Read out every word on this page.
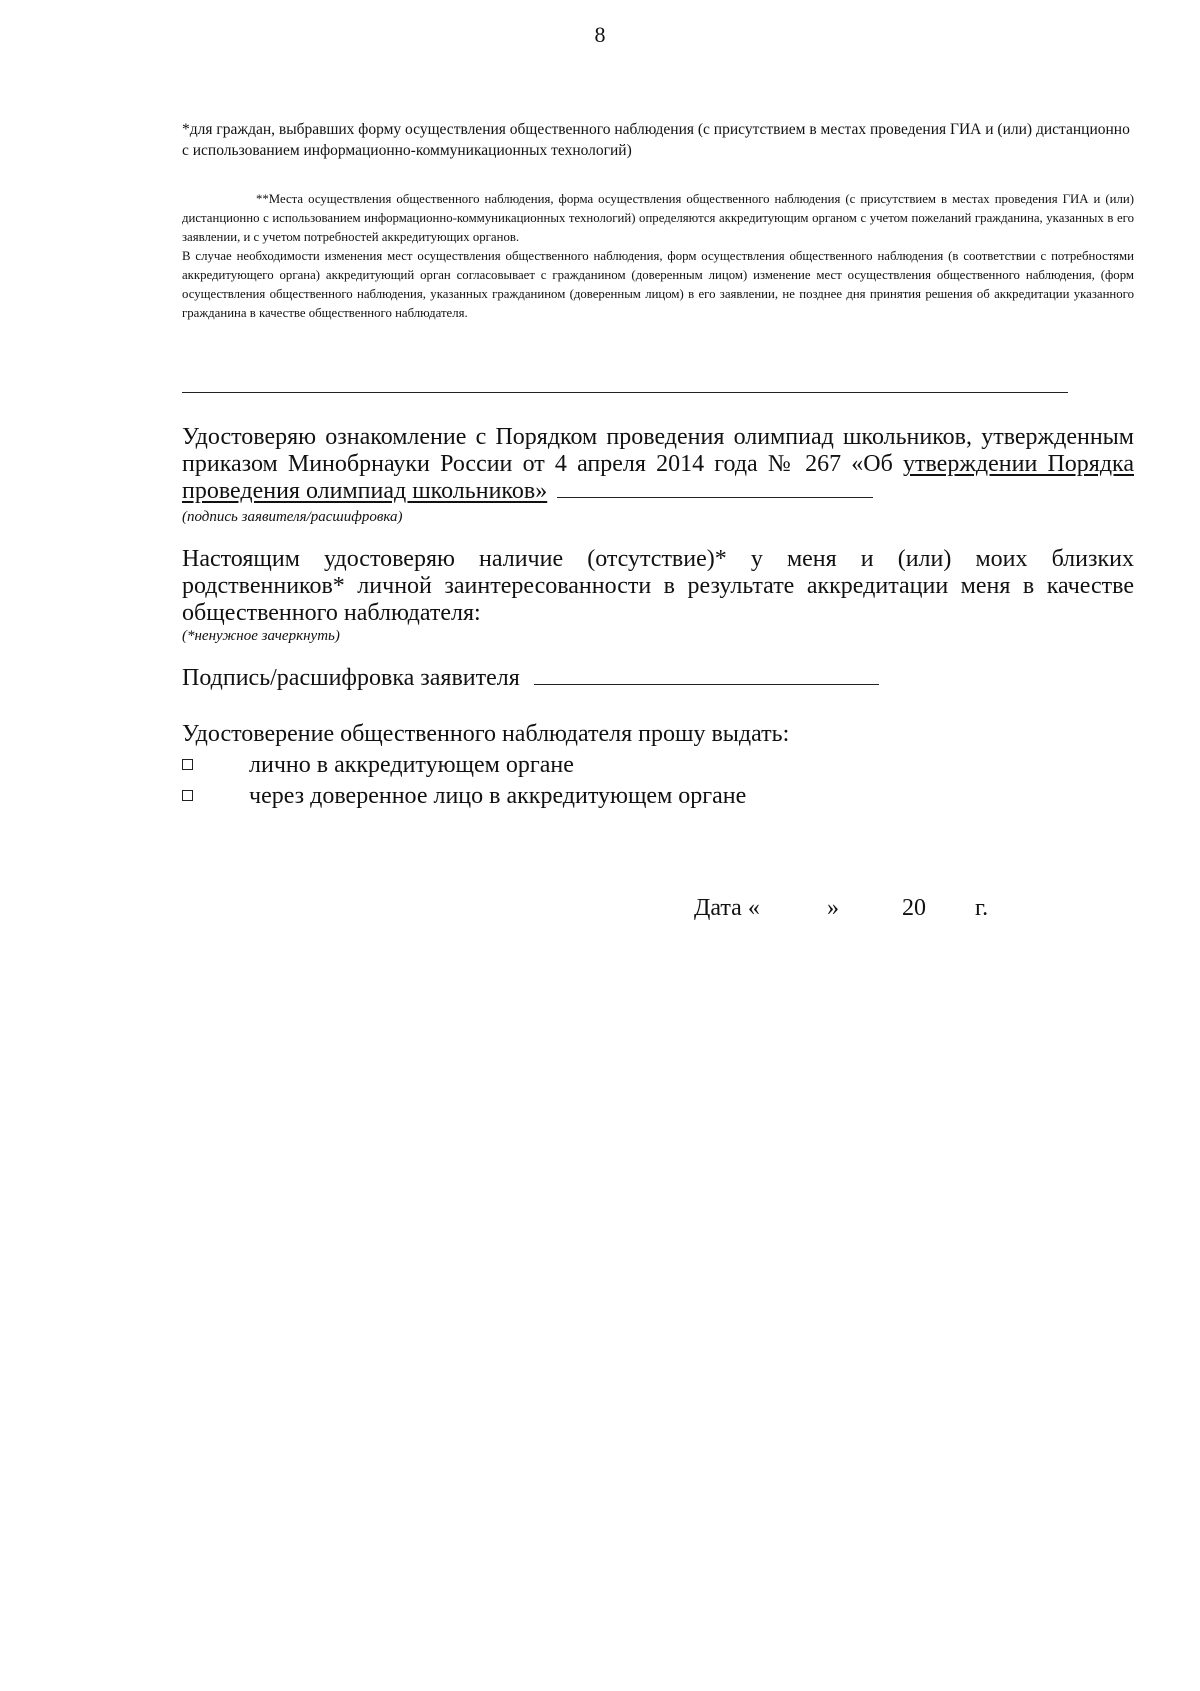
8
*для граждан, выбравших форму осуществления общественного наблюдения (с присутствием в местах проведения ГИА и (или) дистанционно с использованием информационно-коммуникационных технологий)

**Места осуществления общественного наблюдения, форма осуществления общественного наблюдения (с присутствием в местах проведения ГИА и (или) дистанционно с использованием информационно-коммуникационных технологий) определяются аккредитующим органом с учетом пожеланий гражданина, указанных в его заявлении, и с учетом потребностей аккредитующих органов.

В случае необходимости изменения мест осуществления общественного наблюдения, форм осуществления общественного наблюдения (в соответствии с потребностями аккредитующего органа) аккредитующий орган согласовывает с гражданином (доверенным лицом) изменение мест осуществления общественного наблюдения, (форм осуществления общественного наблюдения, указанных гражданином (доверенным лицом) в его заявлении, не позднее дня принятия решения об аккредитации указанного гражданина в качестве общественного наблюдателя.

Удостоверяю ознакомление с Порядком проведения олимпиад школьников, утвержденным приказом Минобрнауки России от 4 апреля 2014 года № 267 «Об утверждении Порядка проведения олимпиад школьников»
(подпись заявителя/расшифровка)
Настоящим удостоверяю наличие (отсутствие)* у меня и (или) моих близких родственников* личной заинтересованности в результате аккредитации меня в качестве общественного наблюдателя:
(*ненужное зачеркнуть)
Подпись/расшифровка заявителя
Удостоверение общественного наблюдателя прошу выдать:
лично в аккредитующем органе
через доверенное лицо в аккредитующем органе
Дата «	»	20 г.
